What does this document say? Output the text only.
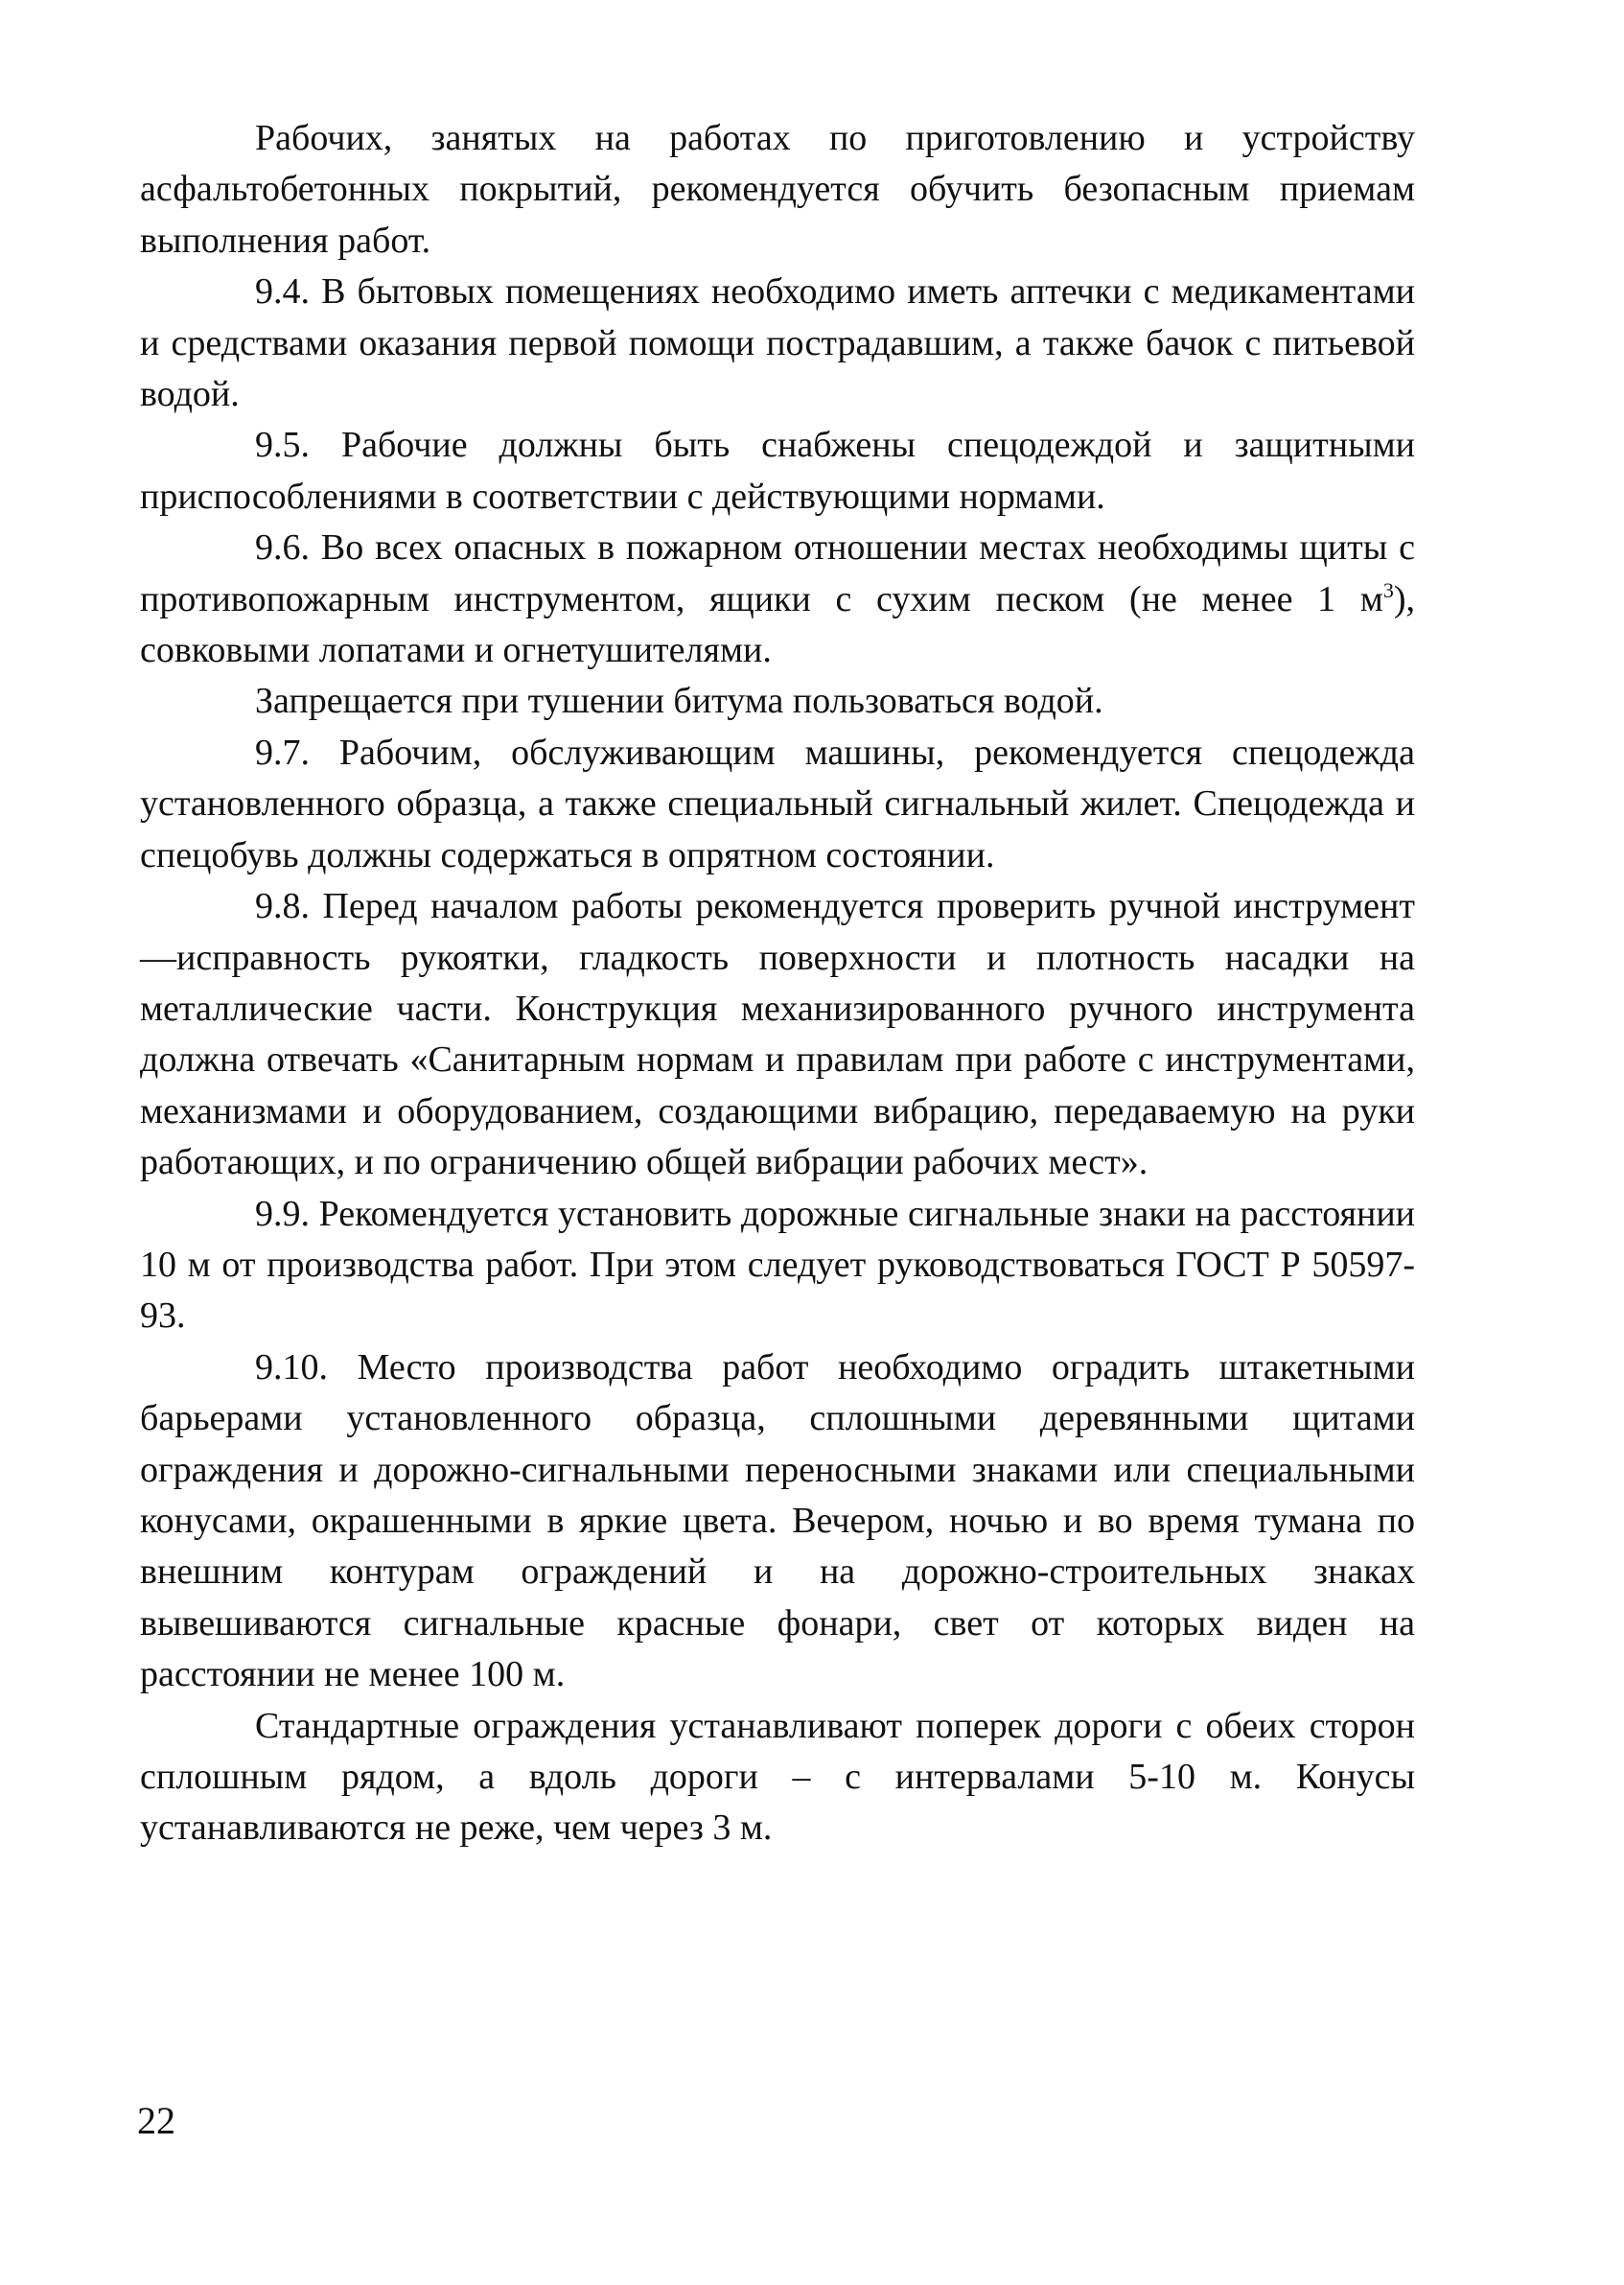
Рабочих, занятых на работах по приготовлению и устройству асфальтобетонных покрытий, рекомендуется обучить безопасным приемам выполнения работ.

9.4. В бытовых помещениях необходимо иметь аптечки с медикаментами и средствами оказания первой помощи пострадавшим, а также бачок с питьевой водой.

9.5. Рабочие должны быть снабжены спецодеждой и защитными приспособлениями в соответствии с действующими нормами.

9.6. Во всех опасных в пожарном отношении местах необходимы щиты с противопожарным инструментом, ящики с сухим песком (не менее 1 $м^3$), совковыми лопатами и огнетушителями.

Запрещается при тушении битума пользоваться водой.

9.7. Рабочим, обслуживающим машины, рекомендуется спецодежда установленного образца, а также специальный сигнальный жилет. Спецодежда и спецобувь должны содержаться в опрятном состоянии.

9.8. Перед началом работы рекомендуется проверить ручной инструмент —исправность рукоятки, гладкость поверхности и плотность насадки на металлические части. Конструкция механизированного ручного инструмента должна отвечать «Санитарным нормам и правилам при работе с инструментами, механизмами и оборудованием, создающими вибрацию, передаваемую на руки работающих, и по ограничению общей вибрации рабочих мест».

9.9. Рекомендуется установить дорожные сигнальные знаки на расстоянии 10 м от производства работ. При этом следует руководствоваться ГОСТ Р 50597-93.

9.10. Место производства работ необходимо оградить штакетными барьерами установленного образца, сплошными деревянными щитами ограждения и дорожно-сигнальными переносными знаками или специальными конусами, окрашенными в яркие цвета. Вечером, ночью и во время тумана по внешним контурам ограждений и на дорожно-строительных знаках вывешиваются сигнальные красные фонари, свет от которых виден на расстоянии не менее 100 м.

Стандартные ограждения устанавливают поперек дороги с обеих сторон сплошным рядом, а вдоль дороги – с интервалами 5-10 м. Конусы устанавливаются не реже, чем через 3 м.

22
